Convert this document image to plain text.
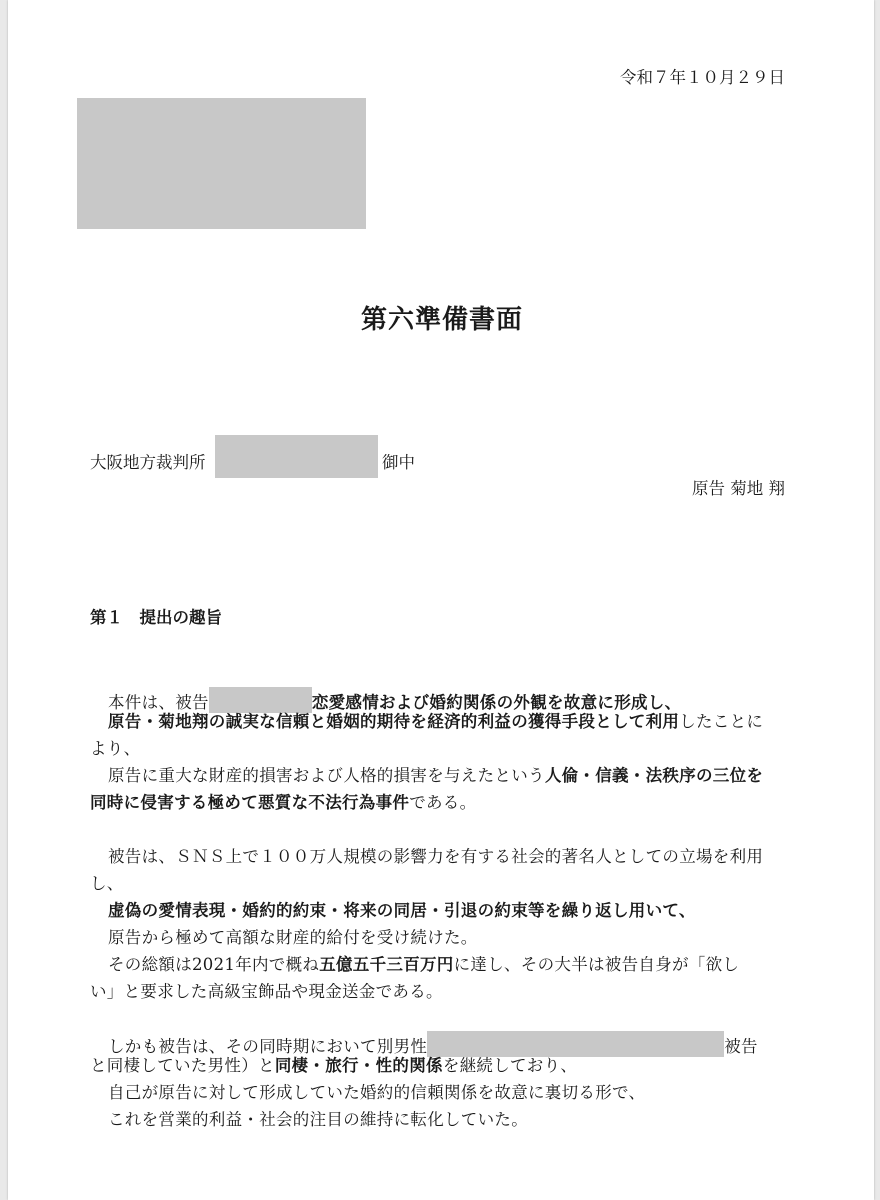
令和７年１０月２９日
第六準備書面
大阪地方裁判所	御中
原告 菊地 翔
第１　提出の趣旨
本件は、被告	恋愛感情および婚約関係の外観を故意に形成し、
原告・菊地翔の誠実な信頼と婚姻的期待を経済的利益の獲得手段として利用したことに
より、
原告に重大な財産的損害および人格的損害を与えたという人倫・信義・法秩序の三位を
同時に侵害する極めて悪質な不法行為事件である。
被告は、ＳＮＳ上で１００万人規模の影響力を有する社会的著名人としての立場を利用
し、
虚偽の愛情表現・婚約的約束・将来の同居・引退の約束等を繰り返し用いて、
原告から極めて高額な財産的給付を受け続けた。
その総額は2021年内で概ね五億五千三百万円に達し、その大半は被告自身が「欲し
い」と要求した高級宝飾品や現金送金である。
しかも被告は、その同時期において別男性	被告
と同棲していた男性）と同棲・旅行・性的関係を継続しており、
自己が原告に対して形成していた婚約的信頼関係を故意に裏切る形で、
これを営業的利益・社会的注目の維持に転化していた。
